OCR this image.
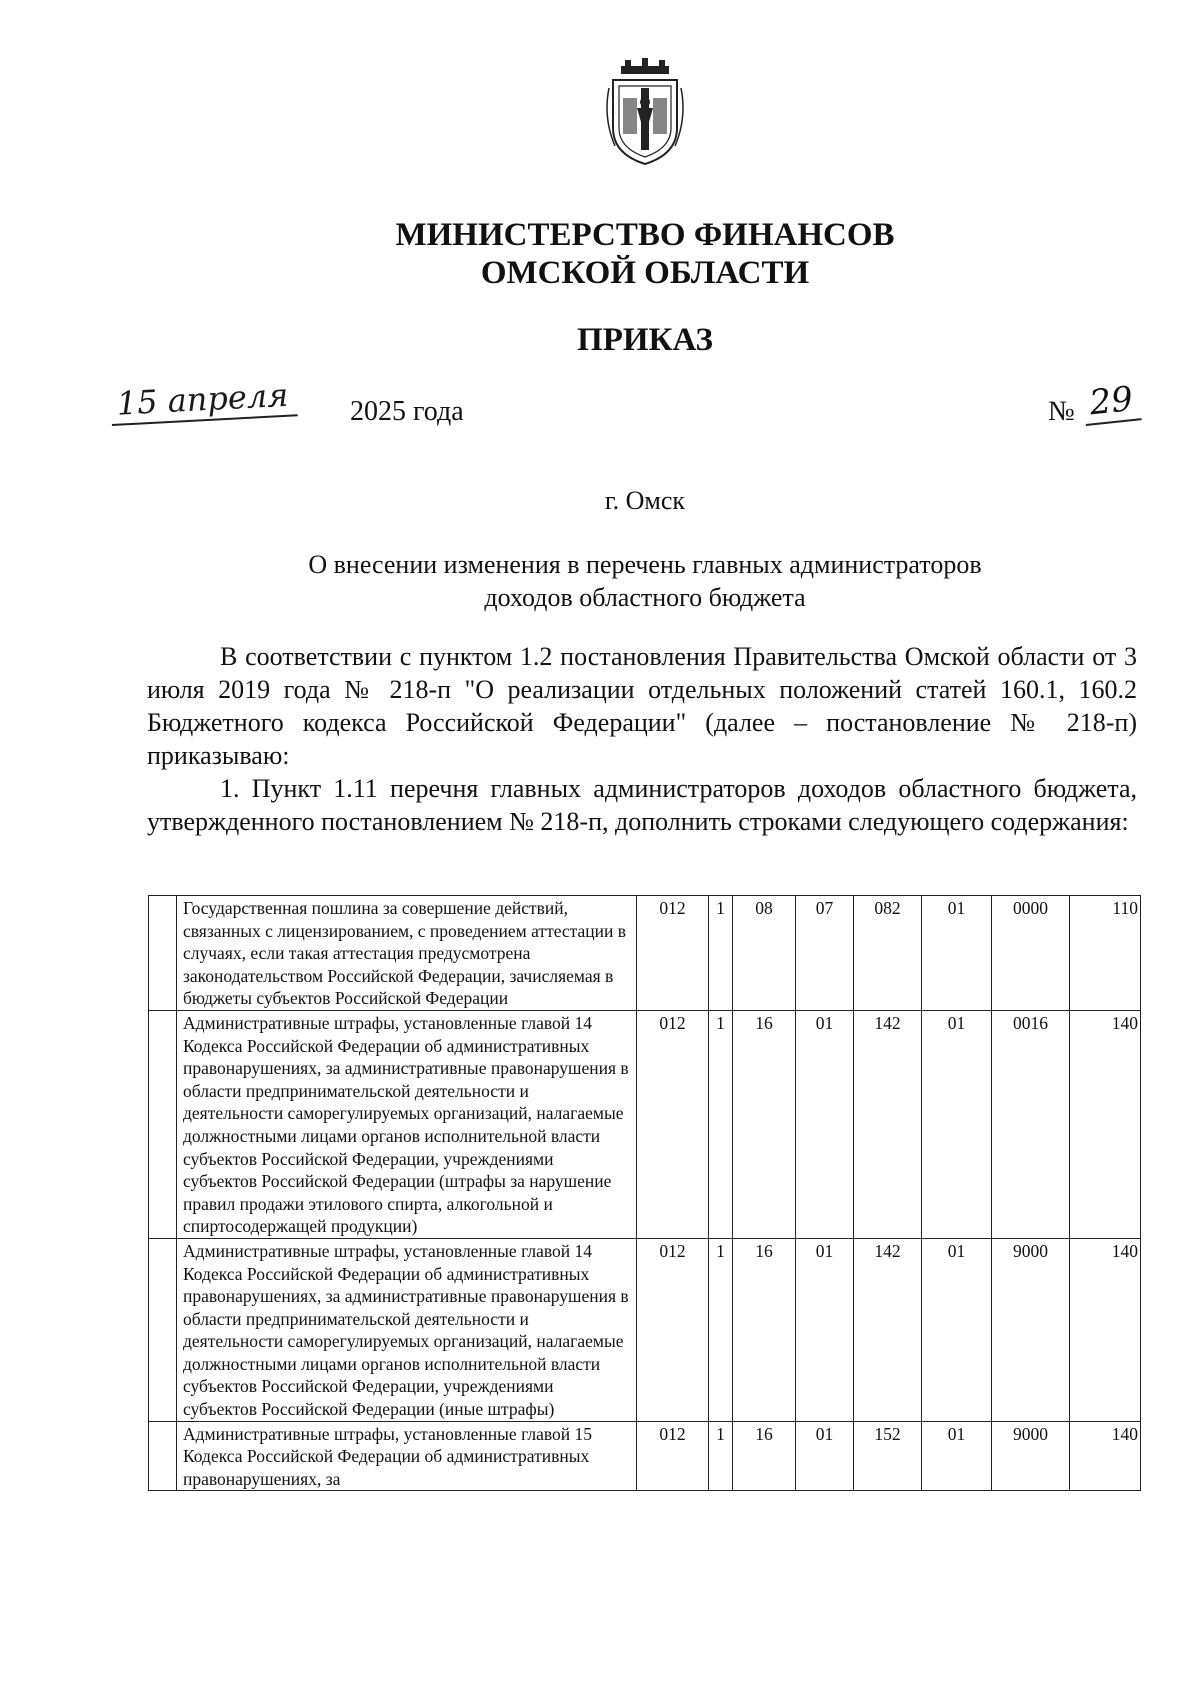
МИНИСТЕРСТВО ФИНАНСОВ
ОМСКОЙ ОБЛАСТИ
ПРИКАЗ
15 апреля 2025 года	№ 29
г. Омск
О внесении изменения в перечень главных администраторов
доходов областного бюджета

В соответствии с пунктом 1.2 постановления Правительства Омской области от 3 июля 2019 года № 218-п "О реализации отдельных положений статей 160.1, 160.2 Бюджетного кодекса Российской Федерации" (далее – постановление № 218-п) приказываю:

1. Пункт 1.11 перечня главных администраторов доходов областного бюджета, утвержденного постановлением № 218-п, дополнить строками следующего содержания:

	Государственная пошлина за совершение действий, связанных с лицензированием, с проведением аттестации в случаях, если такая аттестация предусмотрена законодательством Российской Федерации, зачисляемая в бюджеты субъектов Российской Федерации	012	1	08	07	082	01	0000	110
	Административные штрафы, установленные главой 14 Кодекса Российской Федерации об административных правонарушениях, за административные правонарушения в области предпринимательской деятельности и деятельности саморегулируемых организаций, налагаемые должностными лицами органов исполнительной власти субъектов Российской Федерации, учреждениями субъектов Российской Федерации (штрафы за нарушение правил продажи этилового спирта, алкогольной и спиртосодержащей продукции)	012	1	16	01	142	01	0016	140
	Административные штрафы, установленные главой 14 Кодекса Российской Федерации об административных правонарушениях, за административные правонарушения в области предпринимательской деятельности и деятельности саморегулируемых организаций, налагаемые должностными лицами органов исполнительной власти субъектов Российской Федерации, учреждениями субъектов Российской Федерации (иные штрафы)	012	1	16	01	142	01	9000	140
	Административные штрафы, установленные главой 15 Кодекса Российской Федерации об административных правонарушениях, за	012	1	16	01	152	01	9000	140
